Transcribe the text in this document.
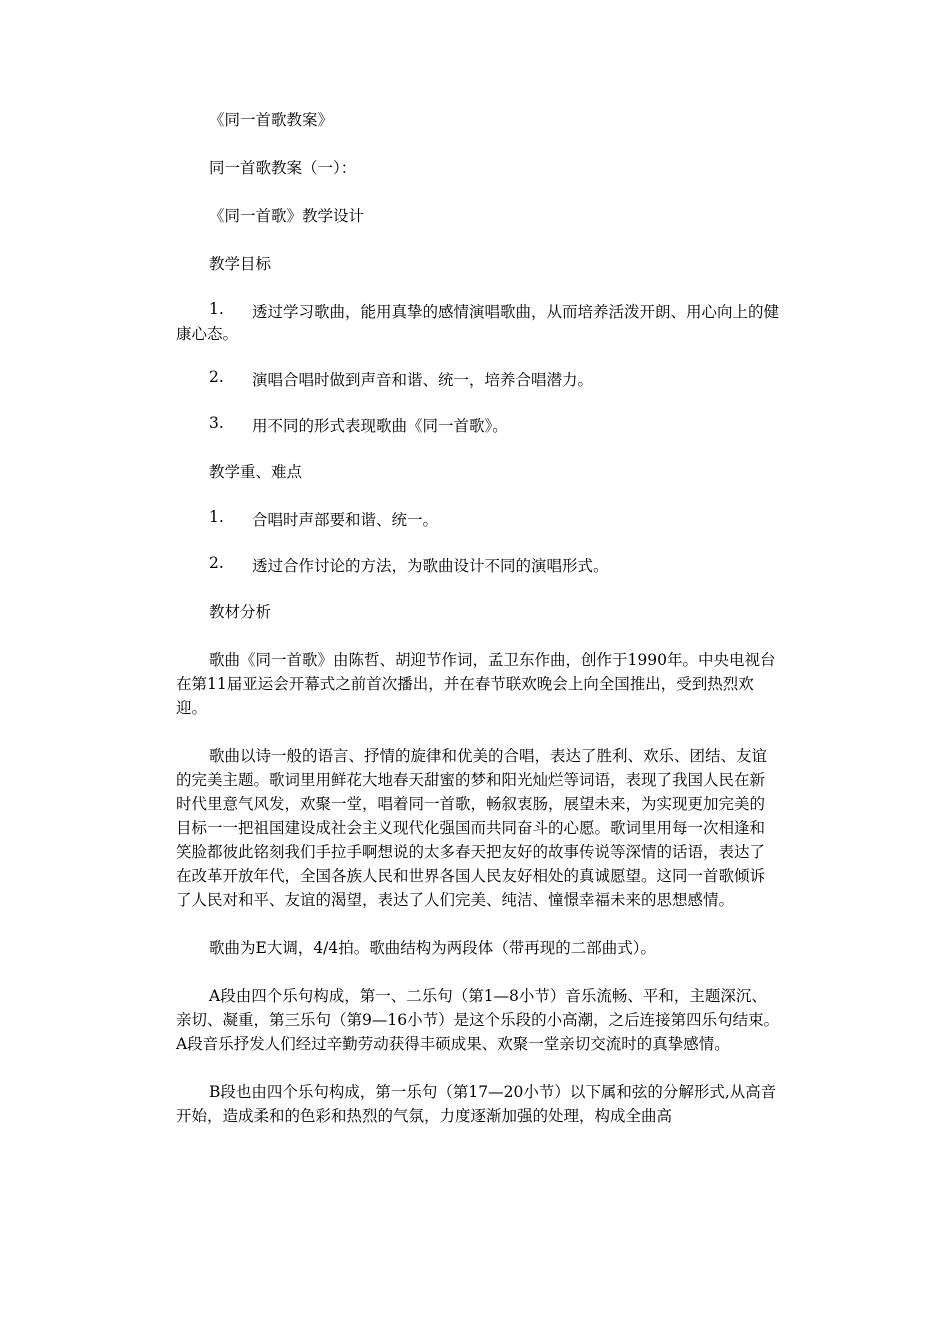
《同一首歌教案》

同一首歌教案（一）：

《同一首歌》教学设计

教学目标

1. 透过学习歌曲，能用真挚的感情演唱歌曲，从而培养活泼开朗、用心向上的健康心态。
2. 演唱合唱时做到声音和谐、统一，培养合唱潜力。
3. 用不同的形式表现歌曲《同一首歌》。

教学重、难点

1. 合唱时声部要和谐、统一。
2. 透过合作讨论的方法，为歌曲设计不同的演唱形式。

教材分析

歌曲《同一首歌》由陈哲、胡迎节作词，孟卫东作曲，创作于1990年。中央电视台在第11届亚运会开幕式之前首次播出，并在春节联欢晚会上向全国推出，受到热烈欢迎。

歌曲以诗一般的语言、抒情的旋律和优美的合唱，表达了胜利、欢乐、团结、友谊的完美主题。歌词里用鲜花大地春天甜蜜的梦和阳光灿烂等词语，表现了我国人民在新时代里意气风发，欢聚一堂，唱着同一首歌，畅叙衷肠，展望未来，为实现更加完美的目标一一把祖国建设成社会主义现代化强国而共同奋斗的心愿。歌词里用每一次相逢和笑脸都彼此铭刻我们手拉手啊想说的太多春天把友好的故事传说等深情的话语，表达了在改革开放年代，全国各族人民和世界各国人民友好相处的真诚愿望。这同一首歌倾诉了人民对和平、友谊的渴望，表达了人们完美、纯洁、憧憬幸福未来的思想感情。

歌曲为E大调，4/4拍。歌曲结构为两段体（带再现的二部曲式）。

A段由四个乐句构成，第一、二乐句（第1—8小节）音乐流畅、平和，主题深沉、亲切、凝重，第三乐句（第9—16小节）是这个乐段的小高潮，之后连接第四乐句结束。A段音乐抒发人们经过辛勤劳动获得丰硕成果、欢聚一堂亲切交流时的真挚感情。

B段也由四个乐句构成，第一乐句（第17—20小节）以下属和弦的分解形式,从高音开始，造成柔和的色彩和热烈的气氛，力度逐渐加强的处理，构成全曲高
